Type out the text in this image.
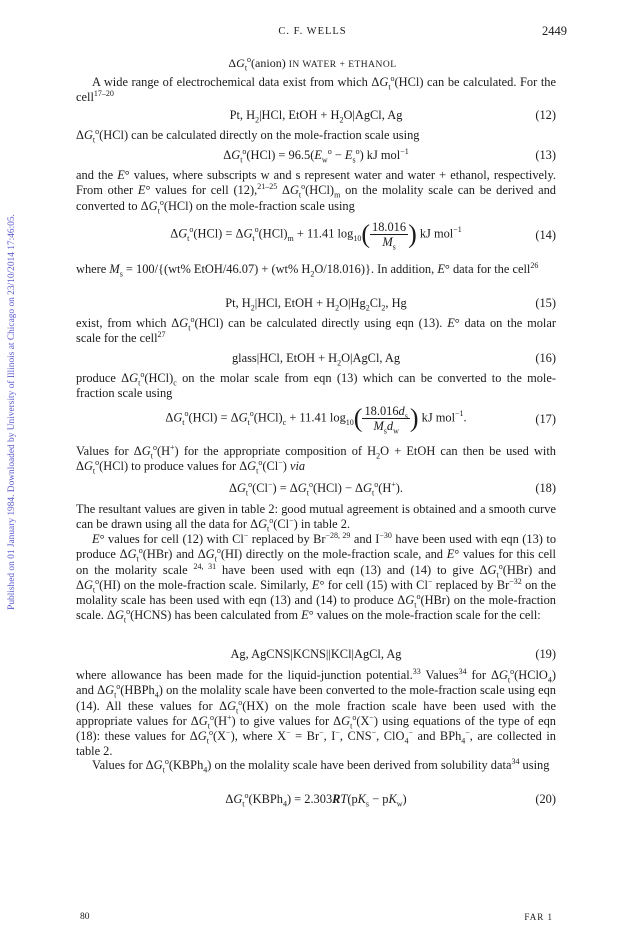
Published on 01 January 1984. Downloaded by University of Illinois at Chicago on 23/10/2014 17:46:05.
C. F. WELLS	2449
$\Delta G_t^o(anion)$ IN WATER + ETHANOL
A wide range of electrochemical data exist from which $\Delta G_t^o(HCl)$ can be calculated. For the cell$^{17-20}$
Pt, $H_2|HCl$, EtOH + $H_2O|AgCl$, Ag	(12)
$\Delta G_t^o(HCl)$ can be calculated directly on the mole-fraction scale using
$\Delta G_t^o(HCl) = 96.5(E_w^o - E_s^o)$ kJ mol$^{-1}$	(13)
and the E° values, where subscripts w and s represent water and water + ethanol, respectively. From other E° values for cell (12),$^{21-25}$ $\Delta G_t^o(HCl)_m$ on the molality scale can be derived and converted to $\Delta G_t^o(HCl)$ on the mole-fraction scale using
$\Delta G_t^o(HCl) = \Delta G_t^o(HCl)_m + 11.41$ $\log_{10}( \frac{18.016}{M_s}$ ) kJ mol$^{-1}$	(14)
where $M_s = 100/\{(wt\%$ EtOH/46.07) + (wt% $H_2O/18.016$)}. In addition, E° data for the cell$^{26}$
Pt, $H_2|HCl$, EtOH + $H_2O|Hg_2Cl_2$, Hg	(15)
exist, from which $\Delta G_t^o(HCl)$ can be calculated directly using eqn (13). E° data on the molar scale for the cell$^{27}$
glass|HCl, EtOH + $H_2O|AgCl$, Ag	(16)
produce $\Delta G_t^o(HCl)_c$ on the molar scale from eqn (13) which can be converted to the mole-fraction scale using
$\Delta G_t^o(HCl) = \Delta G_t^o(HCl)_c + 11.41$ $\log_{10}( \frac{18.016d_s}{M_sd_w}$ ) kJ mol$^{-1}$.	(17)
Values for $\Delta G_t^o(H^+)$ for the appropriate composition of $H_2O$ + EtOH can then be used with $\Delta G_t^o(HCl)$ to produce values for $\Delta G_t^o(Cl^-)$ via
$\Delta G_t^o(Cl^-) = \Delta G_t^o(HCl) - \Delta G_t^o(H^+)$.	(18)
The resultant values are given in table 2: good mutual agreement is obtained and a smooth curve can be drawn using all the data for $\Delta G_t^o(Cl^-)$ in table 2.
E° values for cell (12) with Cl− replaced by $Br^{-28, 29}$ and $I^{-30}$ have been used with eqn (13) to produce $\Delta G_t^o(HBr)$ and $\Delta G_t^o(HI)$ directly on the mole-fraction scale, and E° values for this cell on the molarity scale $^{24, 31}$ have been used with eqn (13) and (14) to give $\Delta G_t^o(HBr)$ and $\Delta G_t^o(HI)$ on the mole-fraction scale. Similarly, E° for cell (15) with Cl− replaced by $Br^{-32}$ on the molality scale has been used with eqn (13) and (14) to produce $\Delta G_t^o(HBr)$ on the mole-fraction scale. $\Delta G_t^o(HCNS)$ has been calculated from E° values on the mole-fraction scale for the cell:
Ag, AgCNS|KCNS||KCl|AgCl, Ag	(19)
where allowance has been made for the liquid-junction potential.$^{33}$ Values$^{34}$ for $\Delta G_t^o(HClO_4)$ and $\Delta G_t^o(HBPh_4)$ on the molality scale have been converted to the mole-fraction scale using eqn (14). All these values for $\Delta G_t^o(HX)$ on the mole fraction scale have been used with the appropriate values for $\Delta G_t^o(H^+)$ to give values for $\Delta G_t^o(X^-)$ using equations of the type of eqn (18): these values for $\Delta G_t^o(X^-)$, where X− = Br−, I−, CNS−, ClO$_4$− and BPh$_4$−, are collected in table 2.
Values for $\Delta G_t^o(KBPh_4)$ on the molality scale have been derived from solubility data$^{34}$ using
$\Delta G_t^o(KBPh_4) = 2.303RT(pK_s - pK_w)$	(20)
80	FAR 1
